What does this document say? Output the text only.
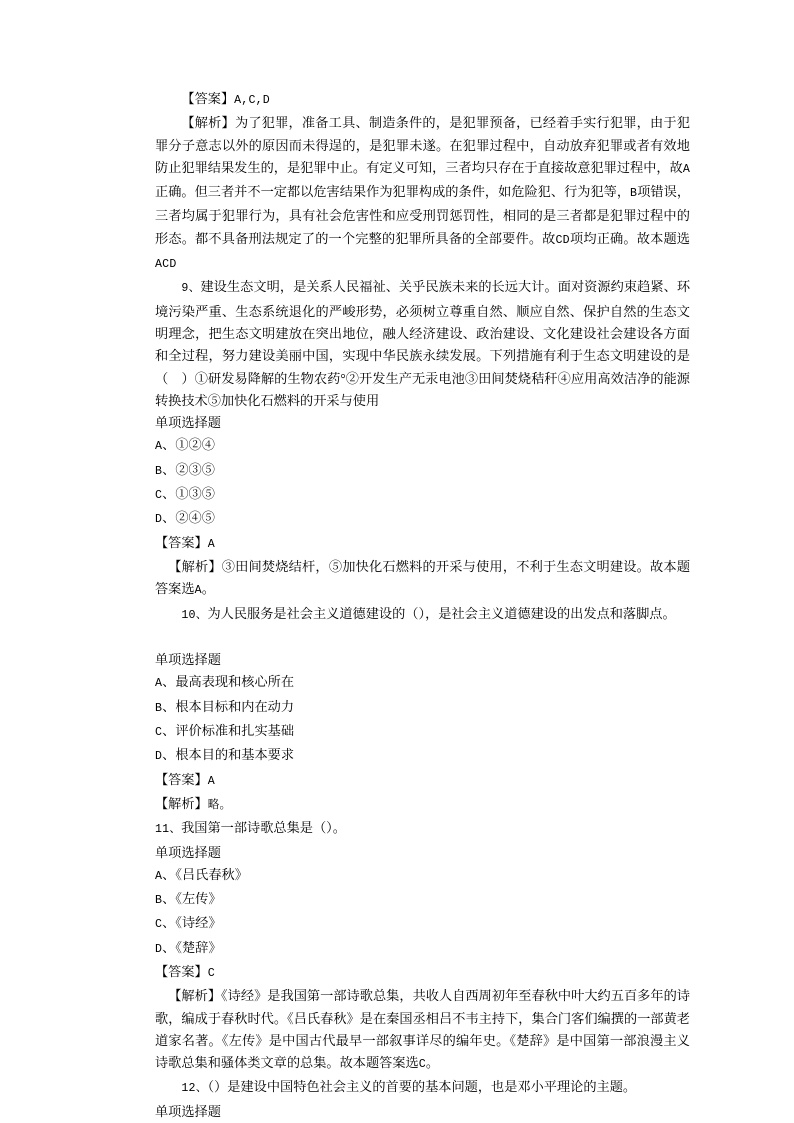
【答案】A,C,D

【解析】为了犯罪，准备工具、制造条件的，是犯罪预备，已经着手实行犯罪，由于犯罪分子意志以外的原因而未得逞的，是犯罪未遂。在犯罪过程中，自动放弃犯罪或者有效地防止犯罪结果发生的，是犯罪中止。有定义可知，三者均只存在于直接故意犯罪过程中，故A正确。但三者并不一定都以危害结果作为犯罪构成的条件，如危险犯、行为犯等，B项错误，三者均属于犯罪行为，具有社会危害性和应受刑罚惩罚性，相同的是三者都是犯罪过程中的形态。都不具备刑法规定了的一个完整的犯罪所具备的全部要件。故CD项均正确。故本题选ACD

9、建设生态文明，是关系人民福祉、关乎民族未来的长远大计。面对资源约束趋紧、环境污染严重、生态系统退化的严峻形势，必须树立尊重自然、顺应自然、保护自然的生态文明理念，把生态文明建放在突出地位，融人经济建设、政治建设、文化建设社会建设各方面和全过程，努力建设美丽中国，实现中华民族永续发展。下列措施有利于生态文明建设的是（　）①研发易降解的生物农药°②开发生产无汞电池③田间焚烧秸秆④应用高效洁净的能源转换技术⑤加快化石燃料的开采与使用

单项选择题

A、①②④

B、②③⑤

C、①③⑤

D、②④⑤

【答案】A

【解析】③田间焚烧结杆，⑤加快化石燃料的开采与使用，不利于生态文明建设。故本题答案选A。

10、为人民服务是社会主义道德建设的（），是社会主义道德建设的出发点和落脚点。

单项选择题

A、最高表现和核心所在

B、根本目标和内在动力

C、评价标准和扎实基础

D、根本目的和基本要求

【答案】A

【解析】略。

11、我国第一部诗歌总集是（）。

单项选择题

A、《吕氏春秋》

B、《左传》

C、《诗经》

D、《楚辞》

【答案】C

【解析】《诗经》是我国第一部诗歌总集，共收人自西周初年至春秋中叶大约五百多年的诗歌，编成于春秋时代。《吕氏春秋》是在秦国丞相吕不韦主持下，集合门客们编撰的一部黄老道家名著。《左传》是中国古代最早一部叙事详尽的编年史。《楚辞》是中国第一部浪漫主义诗歌总集和骚体类文章的总集。故本题答案选C。

12、（）是建设中国特色社会主义的首要的基本问题，也是邓小平理论的主题。

单项选择题
